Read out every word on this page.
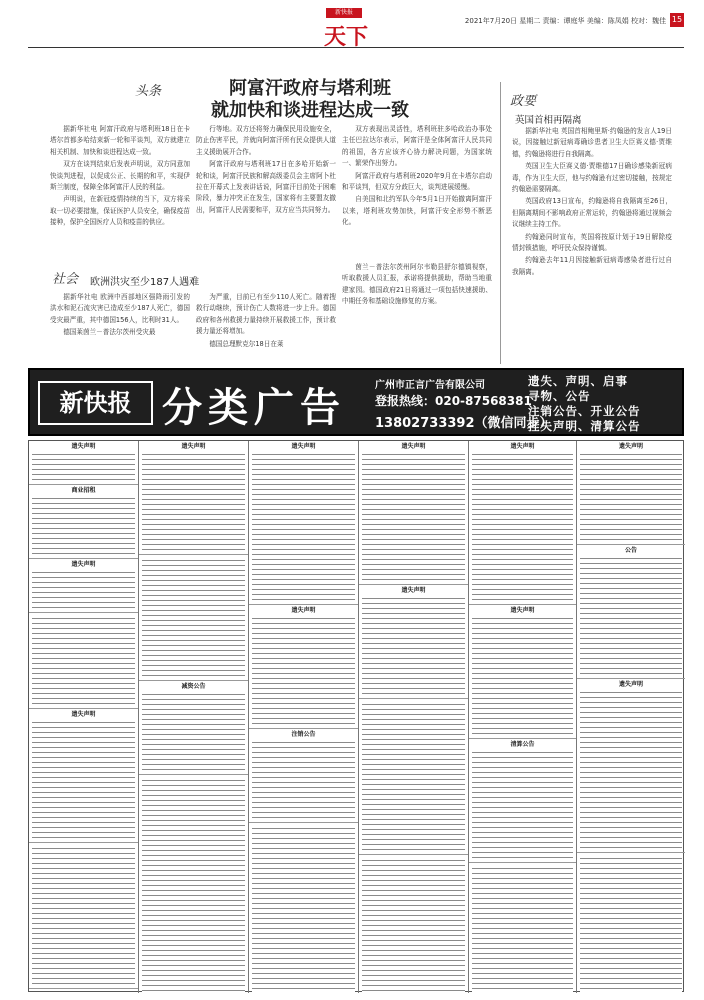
新快报
天下
2021年7月20日 星期二 责编：谭庭华 美编：陈凤娟 校对：魏佳 15
头条	阿富汗政府与塔利班
就加快和谈进程达成一致

据新华社电 阿富汗政府与塔利班18日在卡塔尔首都多哈结束新一轮和平谈判，双方就建立相关机制、加快和谈进程达成一致。

双方在谈判结束后发表声明说，双方同意加快谈判进程，以促成公正、长期的和平，实现伊斯兰制度，保障全体阿富汗人民的利益。

声明说，在新冠疫情持续的当下，双方将采取一切必要措施，保证医护人员安全，确保疫苗接种，保护全国医疗人员和疫苗的供应。

行等地。双方还将努力确保民用设施安全，防止伤害平民，并就向阿富汗所有民众提供人道主义援助展开合作。

阿富汗政府与塔利班17日在多哈开始新一轮和谈，阿富汗民族和解高级委员会主席阿卜杜拉在开幕式上发表讲话说，阿富汗目前处于困难阶段，暴力冲突正在发生，国家将有主要盟友撤出，阿富汗人民需要和平，双方应当共同努力。

双方表现出灵活性，塔利班驻多哈政治办事处主任巴拉达尔表示，阿富汗是全体阿富汗人民共同的祖国，各方应该齐心协力解决问题，为国家统一、繁荣作出努力。

阿富汗政府与塔利班2020年9月在卡塔尔启动和平谈判，但双方分歧巨大，谈判进展缓慢。

自美国和北约军队今年5月1日开始撤离阿富汗以来，塔利班攻势加快，阿富汗安全形势不断恶化。

政要
英国首相再隔离

据新华社电 英国首相鲍里斯·约翰逊的发言人19日说，因接触过新冠病毒确诊患者卫生大臣赛义德·贾维德，约翰逊将进行自我隔离。

英国卫生大臣赛义德·贾维德17日确诊感染新冠病毒，作为卫生大臣，他与约翰逊有过密切接触，按规定约翰逊需要隔离。

英国政府13日宣布，约翰逊将自我隔离至26日，但隔离期间不影响政府正常运转，约翰逊将通过视频会议继续主持工作。

约翰逊同时宣布，英国将按原计划于19日解除疫情封锁措施，呼吁民众保持谨慎。

约翰逊去年11月因接触新冠病毒感染者进行过自我隔离。

社会 欧洲洪灾至少187人遇难

据新华社电 欧洲中西部地区强降雨引发的洪水和泥石流灾害已造成至少187人死亡，德国受灾最严重，其中德国156人，比利时31人。

德国莱茵兰－普法尔茨州受灾最

为严重，目前已有至少110人死亡。随着搜救行动继续，预计伤亡人数将进一步上升。德国政府和各州救援力量持续开展救援工作，预计救援力量还将增加。

德国总理默克尔18日在莱

茵兰－普法尔茨州阿尔韦勒县舒尔德镇视察，听取救援人员汇报，承诺将提供援助，帮助当地重建家园。德国政府21日将通过一项包括快速援助、中期任务和基础设施修复的方案。

新快报 分类广告	广州市正言广告有限公司
登报热线：020-87568381
13802733392（微信同步）
遗失、声明、启事
寻物、公告
注销公告、开业公告
挂失声明、清算公告
遗失声明
商业招租
遗失声明
遗失声明
遗失声明
减资公告
遗失声明
遗失声明
注销公告
遗失声明
遗失声明
遗失声明
遗失声明
清算公告
遗失声明
公告
遗失声明
